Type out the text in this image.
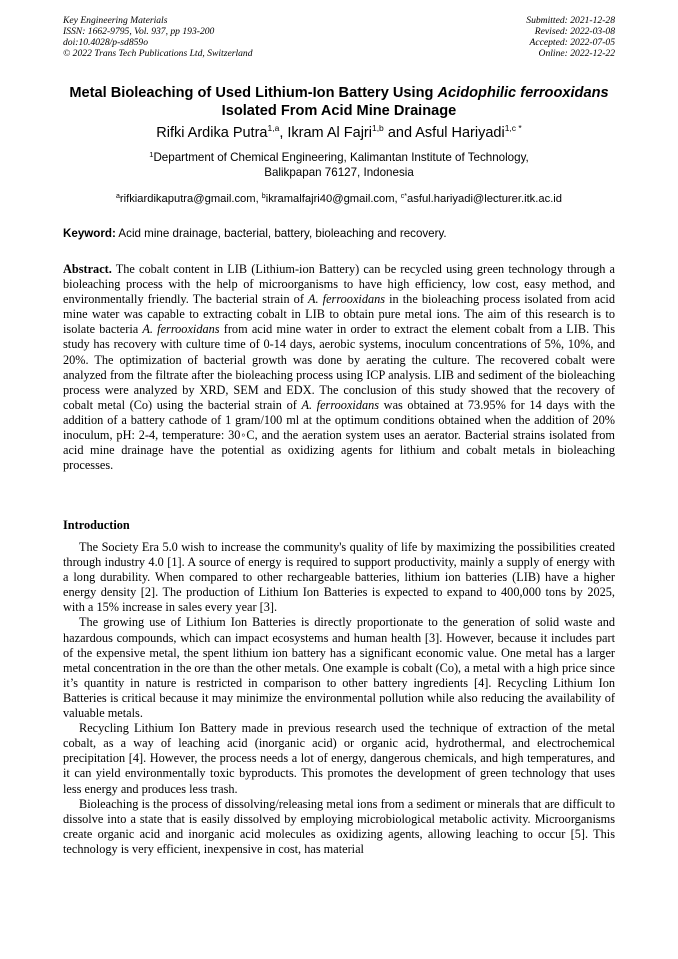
Key Engineering Materials
ISSN: 1662-9795, Vol. 937, pp 193-200
doi:10.4028/p-sd859o
© 2022 Trans Tech Publications Ltd, Switzerland
Submitted: 2021-12-28
Revised: 2022-03-08
Accepted: 2022-07-05
Online: 2022-12-22
Metal Bioleaching of Used Lithium-Ion Battery Using Acidophilic ferrooxidans Isolated From Acid Mine Drainage
Rifki Ardika Putra$^{1,a}$, Ikram Al Fajri$^{1,b}$ and Asful Hariyadi$^{1,c *}$
$^1$Department of Chemical Engineering, Kalimantan Institute of Technology,
Balikpapan 76127, Indonesia
$^a$rifkiardikaputra@gmail.com, $^b$ikramalfajri40@gmail.com, $^{c*}$asful.hariyadi@lecturer.itk.ac.id
Keyword: Acid mine drainage, bacterial, battery, bioleaching and recovery.
Abstract. The cobalt content in LIB (Lithium-ion Battery) can be recycled using green technology through a bioleaching process with the help of microorganisms to have high efficiency, low cost, easy method, and environmentally friendly. The bacterial strain of A. ferrooxidans in the bioleaching process isolated from acid mine water was capable to extracting cobalt in LIB to obtain pure metal ions. The aim of this research is to isolate bacteria A. ferrooxidans from acid mine water in order to extract the element cobalt from a LIB. This study has recovery with culture time of 0-14 days, aerobic systems, inoculum concentrations of 5%, 10%, and 20%. The optimization of bacterial growth was done by aerating the culture. The recovered cobalt were analyzed from the filtrate after the bioleaching process using ICP analysis. LIB and sediment of the bioleaching process were analyzed by XRD, SEM and EDX. The conclusion of this study showed that the recovery of cobalt metal (Co) using the bacterial strain of A. ferrooxidans was obtained at 73.95% for 14 days with the addition of a battery cathode of 1 gram/100 ml at the optimum conditions obtained when the addition of 20% inoculum, pH: 2-4, temperature: 30◦C, and the aeration system uses an aerator. Bacterial strains isolated from acid mine drainage have the potential as oxidizing agents for lithium and cobalt metals in bioleaching processes.
Introduction

The Society Era 5.0 wish to increase the community's quality of life by maximizing the possibilities created through industry 4.0 [1]. A source of energy is required to support productivity, mainly a supply of energy with a long durability. When compared to other rechargeable batteries, lithium ion batteries (LIB) have a higher energy density [2]. The production of Lithium Ion Batteries is expected to expand to 400,000 tons by 2025, with a 15% increase in sales every year [3].

The growing use of Lithium Ion Batteries is directly proportionate to the generation of solid waste and hazardous compounds, which can impact ecosystems and human health [3]. However, because it includes part of the expensive metal, the spent lithium ion battery has a significant economic value. One metal has a larger metal concentration in the ore than the other metals. One example is cobalt (Co), a metal with a high price since it’s quantity in nature is restricted in comparison to other battery ingredients [4]. Recycling Lithium Ion Batteries is critical because it may minimize the environmental pollution while also reducing the availability of valuable metals.

Recycling Lithium Ion Battery made in previous research used the technique of extraction of the metal cobalt, as a way of leaching acid (inorganic acid) or organic acid, hydrothermal, and electrochemical precipitation [4]. However, the process needs a lot of energy, dangerous chemicals, and high temperatures, and it can yield environmentally toxic byproducts. This promotes the development of green technology that uses less energy and produces less trash.

Bioleaching is the process of dissolving/releasing metal ions from a sediment or minerals that are difficult to dissolve into a state that is easily dissolved by employing microbiological metabolic activity. Microorganisms create organic acid and inorganic acid molecules as oxidizing agents, allowing leaching to occur [5]. This technology is very efficient, inexpensive in cost, has material
